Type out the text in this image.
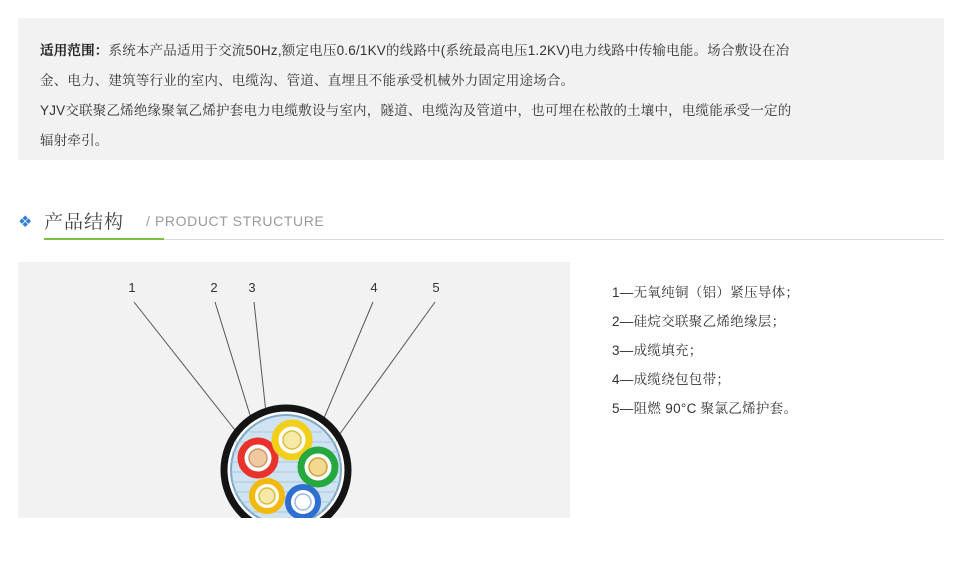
适用范围：系统本产品适用于交流50Hz,额定电压0.6/1KV的线路中(系统最高电压1.2KV)电力线路中传输电能。场合敷设在冶
金、电力、建筑等行业的室内、电缆沟、管道、直埋且不能承受机械外力固定用途场合。
YJV交联聚乙烯绝缘聚氧乙烯护套电力电缆敷设与室内，隧道、电缆沟及管道中，也可埋在松散的土壤中，电缆能承受一定的
辐射牵引。
❖ 产品结构 / PRODUCT STRUCTURE
1	2 3	4	5	1—无氧纯铜（铝）紧压导体；
2—硅烷交联聚乙烯绝缘层；
3—成缆填充；
4—成缆绕包包带；
5—阻燃 90°C 聚氯乙烯护套。
